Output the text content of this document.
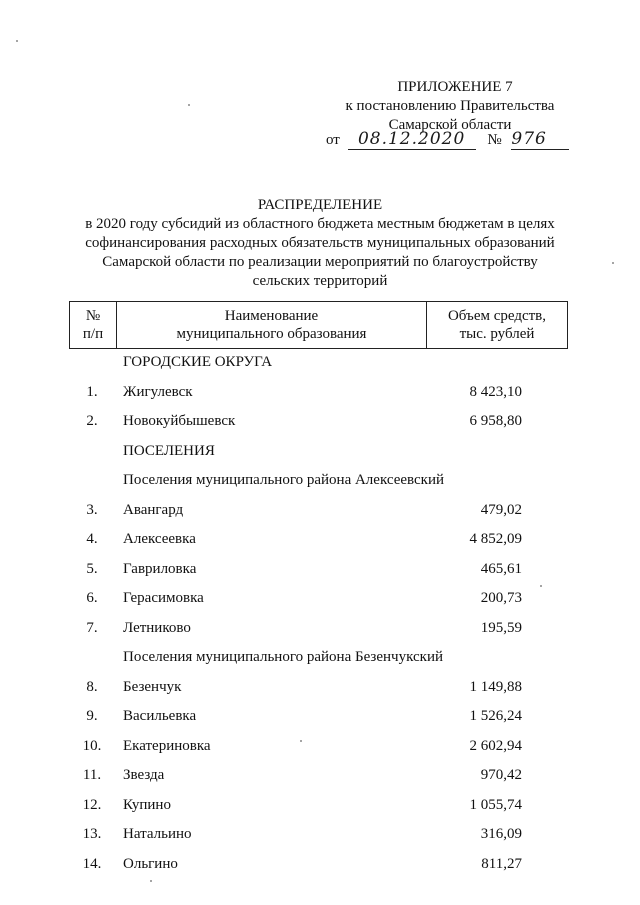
ПРИЛОЖЕНИЕ 7
к постановлению Правительства
Самарской области
от 08.12.2020 № 976
РАСПРЕДЕЛЕНИЕ
в 2020 году субсидий из областного бюджета местным бюджетам в целях
софинансирования расходных обязательств муниципальных образований
Самарской области по реализации мероприятий по благоустройству
сельских территорий
№
п/п

Наименование
муниципального образования

Объем средств,
тыс. рублей
ГОРОДСКИЕ ОКРУГА
1.	Жигулевск	8 423,10
2.	Новокуйбышевск	6 958,80
ПОСЕЛЕНИЯ
Поселения муниципального района Алексеевский
3.	Авангард	479,02
4.	Алексеевка	4 852,09
5.	Гавриловка	465,61
6.	Герасимовка	200,73
7.	Летниково	195,59
Поселения муниципального района Безенчукский
8.	Безенчук	1 149,88
9.	Васильевка	1 526,24
10.	Екатериновка	2 602,94
11.	Звезда	970,42
12.	Купино	1 055,74
13.	Натальино	316,09
14.	Ольгино	811,27
